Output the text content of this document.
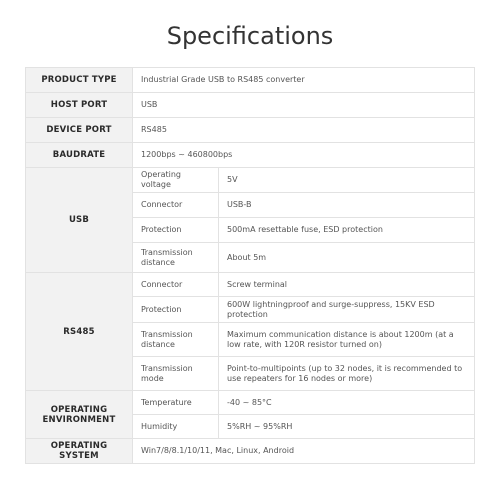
Specifications
PRODUCT TYPE	Industrial Grade USB to RS485 converter	
HOST PORT	USB	
DEVICE PORT	RS485	
BAUDRATE	1200bps ~ 460800bps	
USB	Operating voltage	5V
	Connector	USB-B
	Protection	500mA resettable fuse, ESD protection
	Transmission distance	About 5m
RS485	Connector	Screw terminal
	Protection	600W lightningproof and surge-suppress, 15KV ESD protection
	Transmission distance	Maximum communication distance is about 1200m (at a low rate, with 120R resistor turned on)
	Transmission mode	Point-to-multipoints (up to 32 nodes, it is recommended to use repeaters for 16 nodes or more)
OPERATING ENVIRONMENT	Temperature	-40 ~ 85°C
	Humidity	5%RH ~ 95%RH
OPERATING SYSTEM	Win7/8/8.1/10/11, Mac, Linux, Android	
